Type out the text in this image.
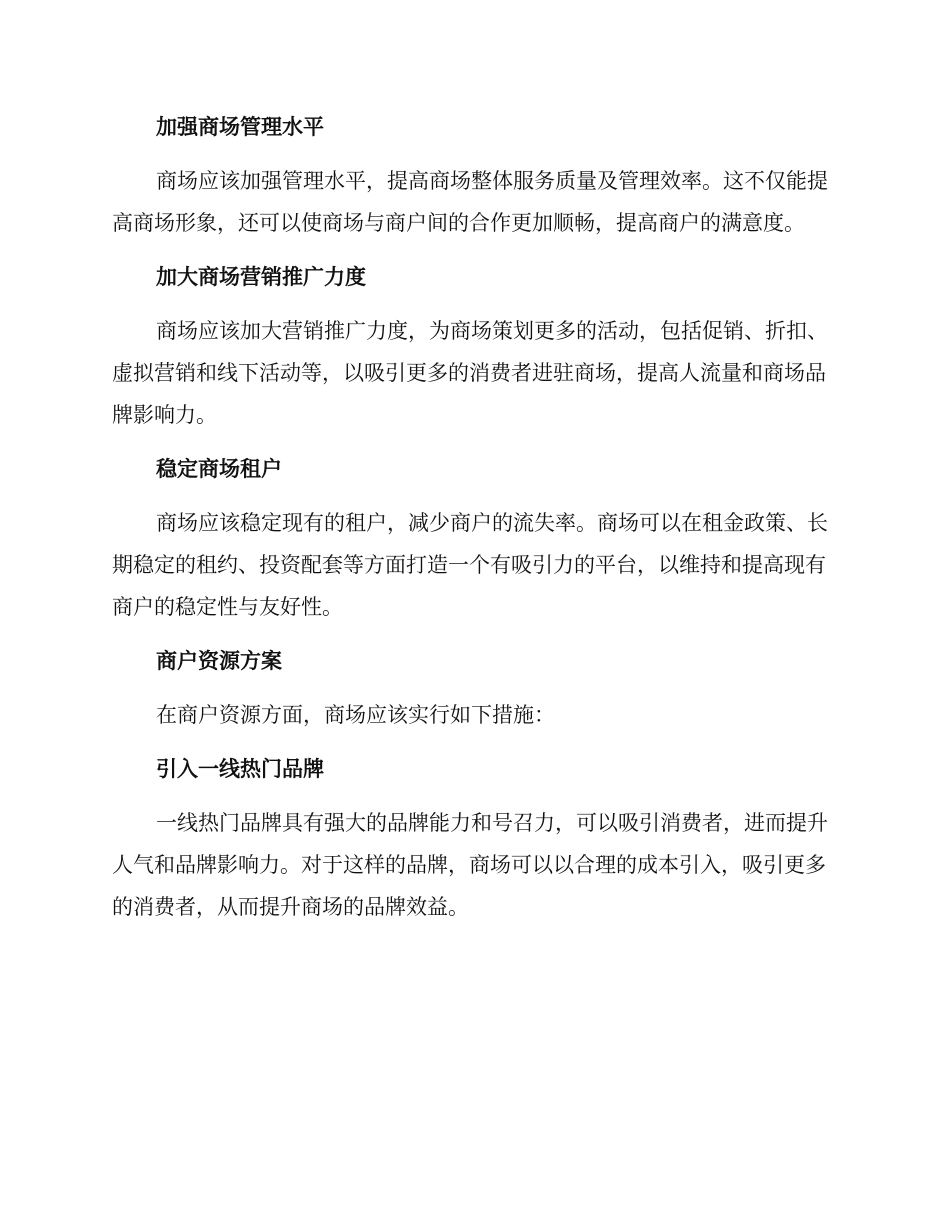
加强商场管理水平

商场应该加强管理水平，提高商场整体服务质量及管理效率。这不仅能提高商场形象，还可以使商场与商户间的合作更加顺畅，提高商户的满意度。

加大商场营销推广力度

商场应该加大营销推广力度，为商场策划更多的活动，包括促销、折扣、虚拟营销和线下活动等，以吸引更多的消费者进驻商场，提高人流量和商场品牌影响力。

稳定商场租户

商场应该稳定现有的租户，减少商户的流失率。商场可以在租金政策、长期稳定的租约、投资配套等方面打造一个有吸引力的平台，以维持和提高现有商户的稳定性与友好性。

商户资源方案

在商户资源方面，商场应该实行如下措施：

引入一线热门品牌

一线热门品牌具有强大的品牌能力和号召力，可以吸引消费者，进而提升人气和品牌影响力。对于这样的品牌，商场可以以合理的成本引入，吸引更多的消费者，从而提升商场的品牌效益。
